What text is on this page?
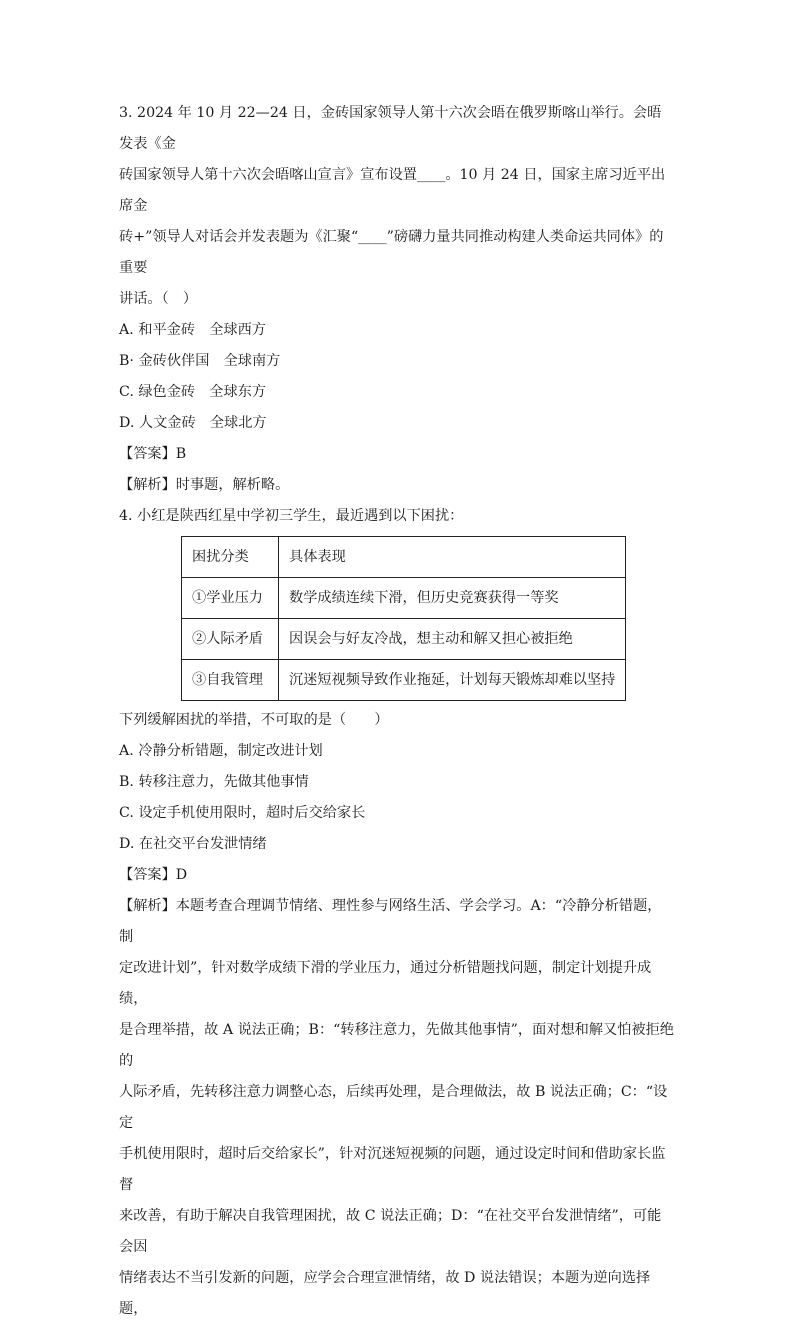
3. 2024 年 10 月 22—24 日，金砖国家领导人第十六次会晤在俄罗斯喀山举行。会晤发表《金
砖国家领导人第十六次会晤喀山宣言》宣布设置____。10 月 24 日，国家主席习近平出席金
砖+”领导人对话会并发表题为《汇聚“____”磅礴力量共同推动构建人类命运共同体》的重要
讲话。（　）
A. 和平金砖　全球西方
B· 金砖伙伴国　全球南方
C. 绿色金砖　全球东方
D. 人文金砖　全球北方
【答案】B
【解析】时事题，解析略。
4. 小红是陕西红星中学初三学生，最近遇到以下困扰：
困扰分类	具体表现
①学业压力	数学成绩连续下滑，但历史竞赛获得一等奖
②人际矛盾	因误会与好友冷战，想主动和解又担心被拒绝
③自我管理	沉迷短视频导致作业拖延，计划每天锻炼却难以坚持
下列缓解困扰的举措，不可取的是（　　）
A. 冷静分析错题，制定改进计划
B. 转移注意力，先做其他事情
C. 设定手机使用限时，超时后交给家长
D. 在社交平台发泄情绪
【答案】D
【解析】本题考查合理调节情绪、理性参与网络生活、学会学习。A：“冷静分析错题，制
定改进计划”，针对数学成绩下滑的学业压力，通过分析错题找问题，制定计划提升成绩，
是合理举措，故 A 说法正确；B：“转移注意力，先做其他事情”，面对想和解又怕被拒绝的
人际矛盾，先转移注意力调整心态，后续再处理，是合理做法，故 B 说法正确；C：“设定
手机使用限时，超时后交给家长”，针对沉迷短视频的问题，通过设定时间和借助家长监督
来改善，有助于解决自我管理困扰，故 C 说法正确；D：“在社交平台发泄情绪”，可能会因
情绪表达不当引发新的问题，应学会合理宣泄情绪，故 D 说法错误；本题为逆向选择题，
